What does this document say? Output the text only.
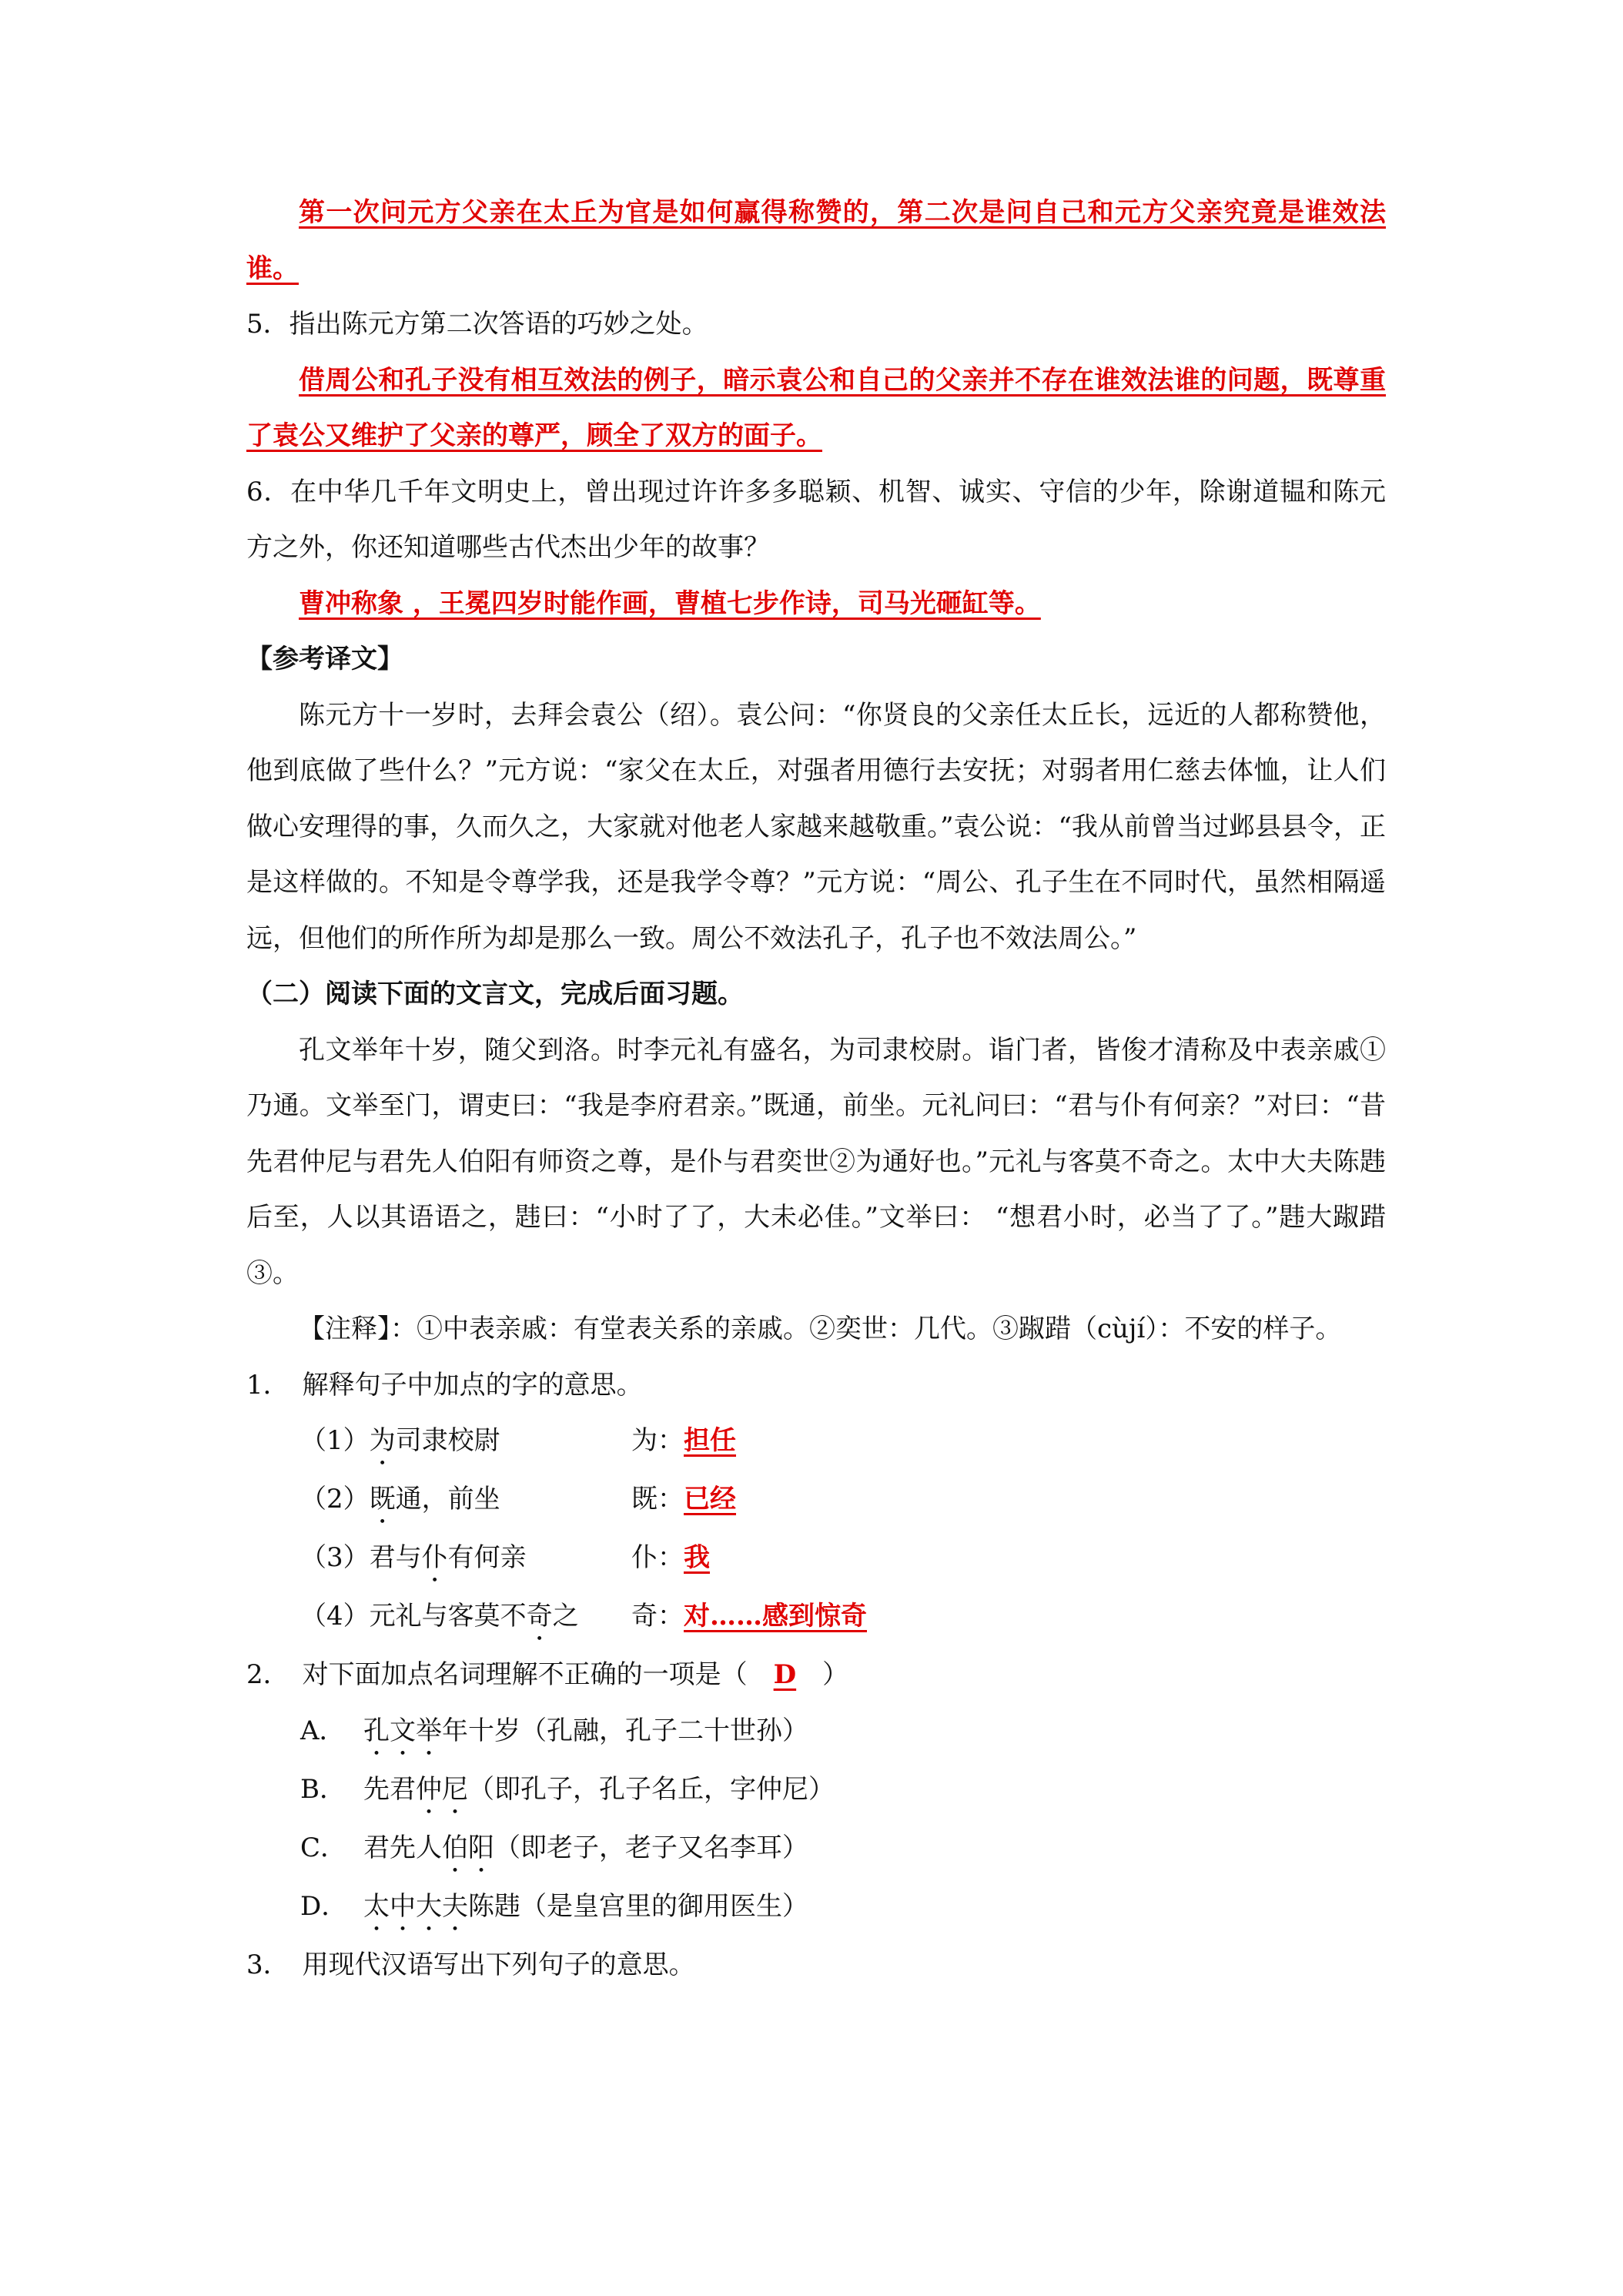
第一次问元方父亲在太丘为官是如何赢得称赞的，第二次是问自己和元方父亲究竟是谁效法谁。

5．指出陈元方第二次答语的巧妙之处。

借周公和孔子没有相互效法的例子，暗示袁公和自己的父亲并不存在谁效法谁的问题，既尊重了袁公又维护了父亲的尊严，顾全了双方的面子。

6．在中华几千年文明史上，曾出现过许许多多聪颖、机智、诚实、守信的少年，除谢道韫和陈元方之外，你还知道哪些古代杰出少年的故事？

曹冲称象 ，王冕四岁时能作画，曹植七步作诗，司马光砸缸等。

【参考译文】

陈元方十一岁时，去拜会袁公（绍）。袁公问：“你贤良的父亲任太丘长，远近的人都称赞他，他到底做了些什么？”元方说：“家父在太丘，对强者用德行去安抚；对弱者用仁慈去体恤，让人们做心安理得的事，久而久之，大家就对他老人家越来越敬重。”袁公说：“我从前曾当过邺县县令，正是这样做的。不知是令尊学我，还是我学令尊？”元方说：“周公、孔子生在不同时代，虽然相隔遥远，但他们的所作所为却是那么一致。周公不效法孔子，孔子也不效法周公。”

（二）阅读下面的文言文，完成后面习题。

孔文举年十岁，随父到洛。时李元礼有盛名，为司隶校尉。诣门者，皆俊才清称及中表亲戚①乃通。文举至门，谓吏曰：“我是李府君亲。”既通，前坐。元礼问曰：“君与仆有何亲？”对曰：“昔先君仲尼与君先人伯阳有师资之尊，是仆与君奕世②为通好也。”元礼与客莫不奇之。太中大夫陈韪后至，人以其语语之，韪曰：“小时了了，大未必佳。”文举曰： “想君小时，必当了了。”韪大踧踖③。

【注释】：①中表亲戚：有堂表关系的亲戚。②奕世：几代。③踧踖（cùjí）：不安的样子。

1．　解释句子中加点的字的意思。

（1）为司隶校尉	为： 担任
（2）既通，前坐	既： 已经
（3）君与仆有何亲	仆： 我
（4）元礼与客莫不奇之	奇： 对……感到惊奇

2．　对下面加点名词理解不正确的一项是（　D　）

A． 孔文举年十岁（孔融，孔子二十世孙）
B． 先君仲尼（即孔子，孔子名丘，字仲尼）
C． 君先人伯阳（即老子，老子又名李耳）
D． 太中大夫陈韪（是皇宫里的御用医生）

3．　用现代汉语写出下列句子的意思。
